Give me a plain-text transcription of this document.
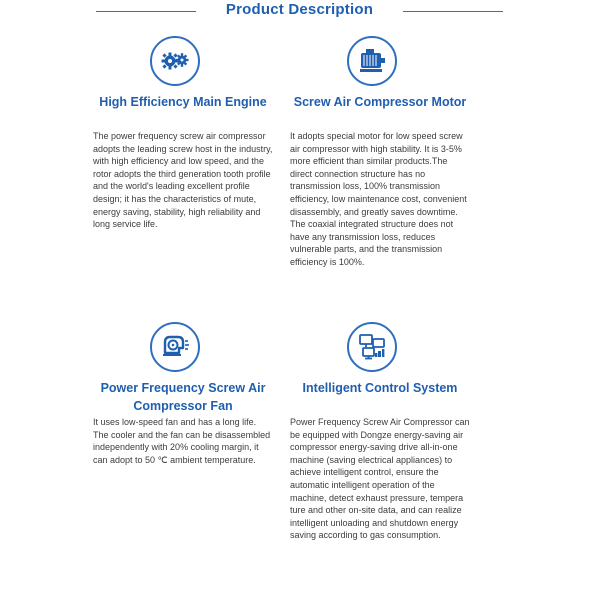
Product Description
High Efficiency Main Engine

The power frequency screw air compressor adopts the leading screw host in the industry, with high efficiency and low speed, and the rotor adopts the third generation tooth profile and the world's leading excellent profile design; it has the characteristics of mute, energy saving, stability, high reliability and long service life.

Screw Air Compressor Motor

It adopts special motor for low speed screw air compressor with high stability. It is 3-5% more efficient than similar products.The direct connection structure has no transmission loss, 100% transmission efficiency, low maintenance cost, convenient disassembly, and greatly saves downtime. The coaxial integrated structure does not have any transmission loss, reduces vulnerable parts, and the transmission efficiency is 100%.

Power Frequency Screw Air Compressor Fan

It uses low-speed fan and has a long life. The cooler and the fan can be disassembled independently with 20% cooling margin, it can adopt to 50 ℃ ambient temperature.

Intelligent Control System

Power Frequency Screw Air Compressor can be equipped with Dongze energy-saving air compressor energy-saving drive all-in-one machine (saving electrical appliances) to achieve intelligent control, ensure the automatic intelligent operation of the machine, detect exhaust pressure, tempera ture and other on-site data, and can realize intelligent unloading and shutdown energy saving according to gas consumption.
